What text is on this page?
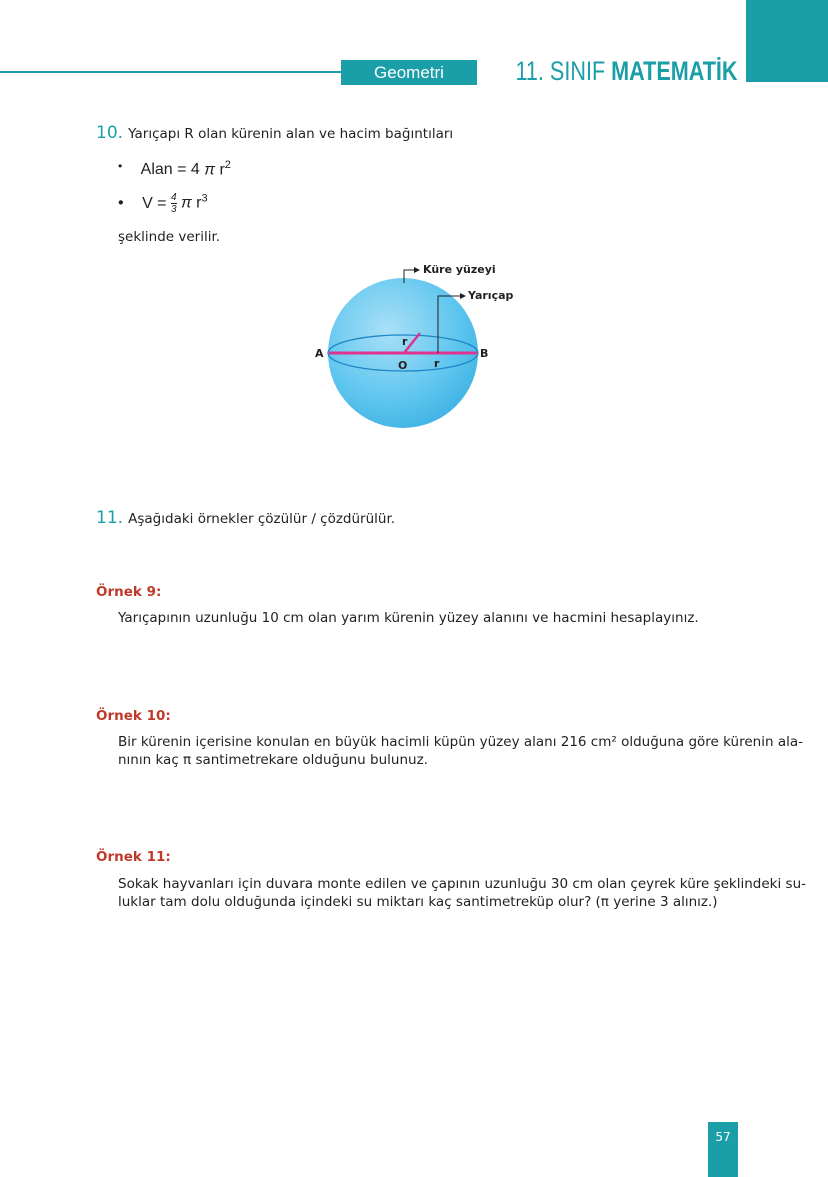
Geometri	11. SINIF MATEMATİK
10. Yarıçapı R olan kürenin alan ve hacim bağıntıları
• Alan = 4 π $r^2$
• $V = \frac{4}{3}$ π $r^3$
şeklinde verilir.
Küre yüzeyi
Yarıçap
A	B
O
r
r
11. Aşağıdaki örnekler çözülür / çözdürülür.
Örnek 9:
Yarıçapının uzunluğu 10 cm olan yarım kürenin yüzey alanını ve hacmini hesaplayınız.
Örnek 10:
Bir kürenin içerisine konulan en büyük hacimli küpün yüzey alanı 216 cm² olduğuna göre kürenin ala-
nının kaç π santimetrekare olduğunu bulunuz.
Örnek 11:
Sokak hayvanları için duvara monte edilen ve çapının uzunluğu 30 cm olan çeyrek küre şeklindeki su-
luklar tam dolu olduğunda içindeki su miktarı kaç santimetreküp olur? (π yerine 3 alınız.)
57
